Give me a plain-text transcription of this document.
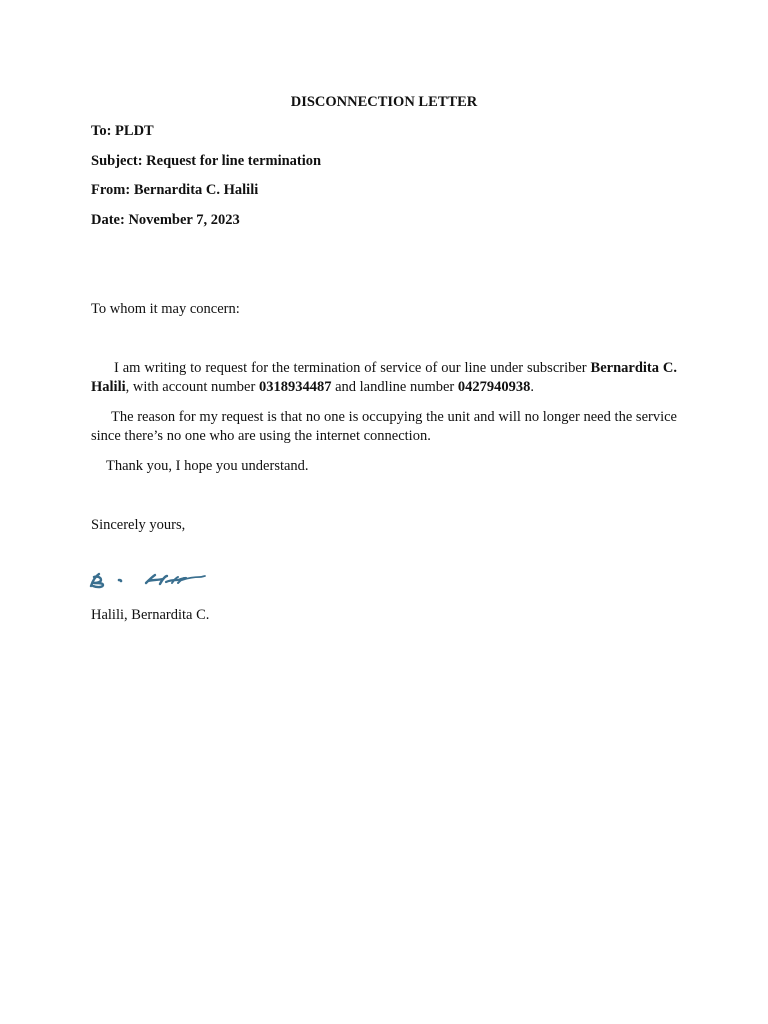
DISCONNECTION LETTER
To: PLDT
Subject: Request for line termination
From: Bernardita C. Halili
Date: November 7, 2023
To whom it may concern:
I am writing to request for the termination of service of our line under subscriber Bernardita C. Halili, with account number 0318934487 and landline number 0427940938.
The reason for my request is that no one is occupying the unit and will no longer need the service since there’s no one who are using the internet connection.
Thank you, I hope you understand.
Sincerely yours,
Halili, Bernardita C.
